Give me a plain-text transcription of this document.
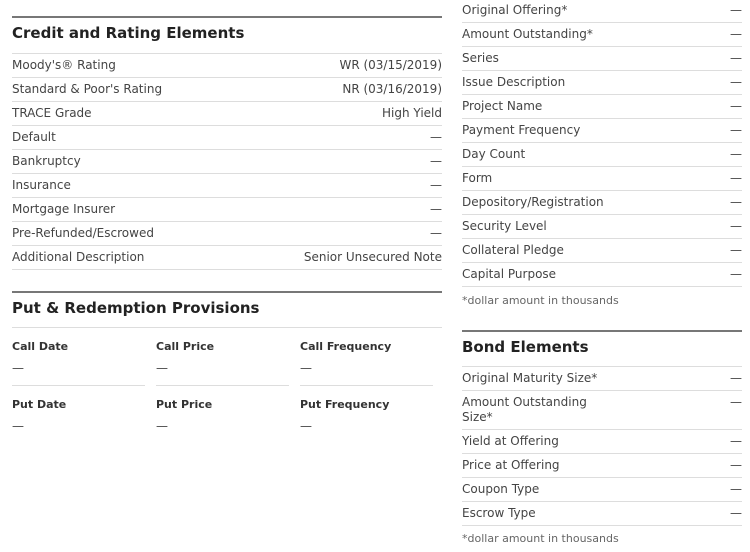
Credit and Rating Elements
Moody's® Rating	WR (03/15/2019)
Standard & Poor's Rating	NR (03/16/2019)
TRACE Grade	High Yield
Default	—
Bankruptcy	—
Insurance	—
Mortgage Insurer	—
Pre-Refunded/Escrowed	—
Additional Description	Senior Unsecured Note
Put & Redemption Provisions
Call Date
—
Call Price
—
Call Frequency
—
Put Date
—
Put Price
—
Put Frequency
—
Original Offering*	—
Amount Outstanding*	—
Series	—
Issue Description	—
Project Name	—
Payment Frequency	—
Day Count	—
Form	—
Depository/Registration	—
Security Level	—
Collateral Pledge	—
Capital Purpose	—
*dollar amount in thousands
Bond Elements
Original Maturity Size*	—
Amount Outstanding Size*
—
Yield at Offering	—
Price at Offering	—
Coupon Type	—
Escrow Type	—
*dollar amount in thousands
